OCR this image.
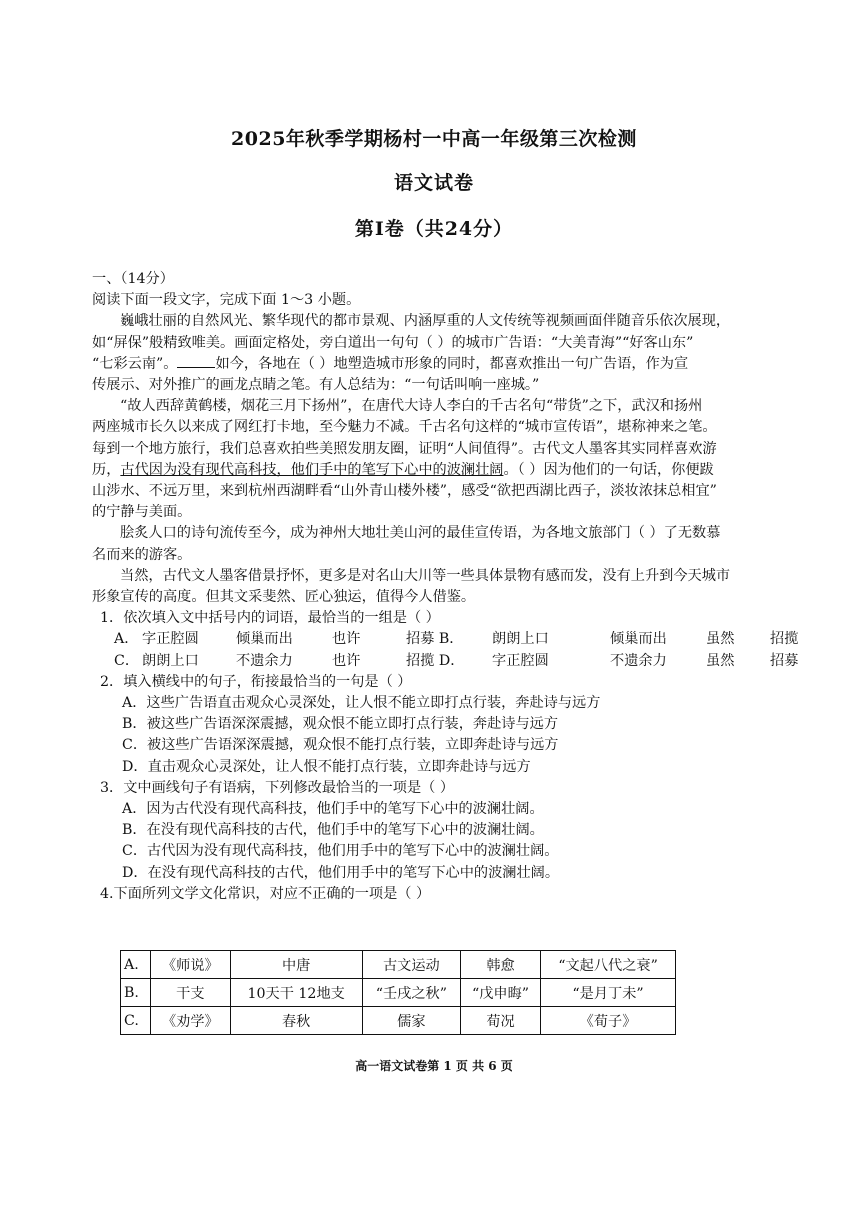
2025年秋季学期杨村一中高一年级第三次检测
语文试卷
第Ⅰ卷（共24分）
一、（14分）
阅读下面一段文字，完成下面 1～3 小题。
巍峨壮丽的自然风光、繁华现代的都市景观、内涵厚重的人文传统等视频画面伴随音乐依次展现，
如“屏保”般精致唯美。画面定格处，旁白道出一句句（ ）的城市广告语：“大美青海”“好客山东”
“七彩云南”。	如今，各地在（ ）地塑造城市形象的同时，都喜欢推出一句广告语，作为宣
传展示、对外推广的画龙点睛之笔。有人总结为：“一句话叫响一座城。”
“故人西辞黄鹤楼，烟花三月下扬州”，在唐代大诗人李白的千古名句“带货”之下，武汉和扬州
两座城市长久以来成了网红打卡地，至今魅力不减。千古名句这样的“城市宣传语”，堪称神来之笔。
每到一个地方旅行，我们总喜欢拍些美照发朋友圈，证明“人间值得”。古代文人墨客其实同样喜欢游
历，古代因为没有现代高科技，他们手中的笔写下心中的波澜壮阔。（ ）因为他们的一句话，你便跋
山涉水、不远万里，来到杭州西湖畔看“山外青山楼外楼”，感受“欲把西湖比西子，淡妆浓抹总相宜”
的宁静与美面。
脍炙人口的诗句流传至今，成为神州大地壮美山河的最佳宣传语，为各地文旅部门（ ）了无数慕
名而来的游客。
当然，古代文人墨客借景抒怀，更多是对名山大川等一些具体景物有感而发，没有上升到今天城市
形象宣传的高度。但其文采斐然、匠心独运，值得今人借鉴。
1．依次填入文中括号内的词语，最恰当的一组是（ ）
A． 字正腔圆	倾巢而出	也许	招募 B．	朗朗上口	倾巢而出	虽然	招揽
C． 朗朗上口	不遗余力	也许	招揽 D．	字正腔圆	不遗余力	虽然	招募
2．填入横线中的句子，衔接最恰当的一句是（ ）
A．这些广告语直击观众心灵深处，让人恨不能立即打点行装，奔赴诗与远方
B．被这些广告语深深震撼，观众恨不能立即打点行装，奔赴诗与远方
C．被这些广告语深深震撼，观众恨不能打点行装，立即奔赴诗与远方
D．直击观众心灵深处，让人恨不能打点行装，立即奔赴诗与远方
3．文中画线句子有语病，下列修改最恰当的一项是（ ）
A．因为古代没有现代高科技，他们手中的笔写下心中的波澜壮阔。
B．在没有现代高科技的古代，他们手中的笔写下心中的波澜壮阔。
C．古代因为没有现代高科技，他们用手中的笔写下心中的波澜壮阔。
D．在没有现代高科技的古代，他们用手中的笔写下心中的波澜壮阔。
4.下面所列文学文化常识，对应不正确的一项是（ ）
A.	《师说》	中唐	古文运动	韩愈	“文起八代之衰”
B.	干支	10天干 12地支	“壬戌之秋”	“戊申晦”	“是月丁未”
C.	《劝学》	春秋	儒家	荀况	《荀子》
高一语文试卷第 1 页 共 6 页
